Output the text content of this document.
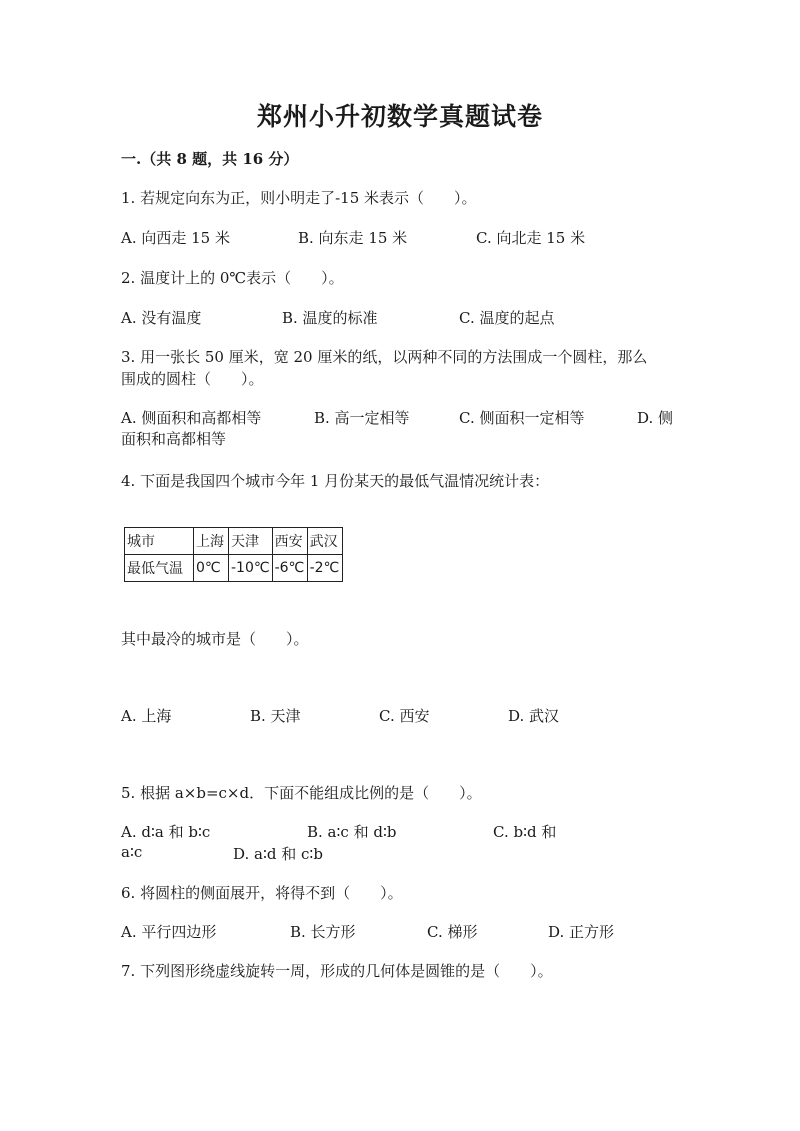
郑州小升初数学真题试卷
一.（共 8 题，共 16 分）
1. 若规定向东为正，则小明走了-15 米表示（　　）。
A. 向西走 15 米	B. 向东走 15 米	C. 向北走 15 米
2. 温度计上的 0℃表示（　　）。
A. 没有温度	B. 温度的标准	C. 温度的起点
3. 用一张长 50 厘米，宽 20 厘米的纸，以两种不同的方法围成一个圆柱，那么
围成的圆柱（　　）。
A. 侧面积和高都相等	B. 高一定相等	C. 侧面积一定相等	D. 侧
面积和高都相等
4. 下面是我国四个城市今年 1 月份某天的最低气温情况统计表：
城市	上海	天津	西安	武汉
最低气温	0℃	-10℃	-6℃	-2℃
其中最冷的城市是（　　）。
A. 上海	B. 天津	C. 西安	D. 武汉
5. 根据 a×b=c×d．下面不能组成比例的是（　　）。
A. d∶a 和 b∶c	B. a∶c 和 d∶b	C. b∶d 和
a∶c	D. a∶d 和 c∶b
6. 将圆柱的侧面展开，将得不到（　　）。
A. 平行四边形	B. 长方形	C. 梯形	D. 正方形
7. 下列图形绕虚线旋转一周，形成的几何体是圆锥的是（　　）。
